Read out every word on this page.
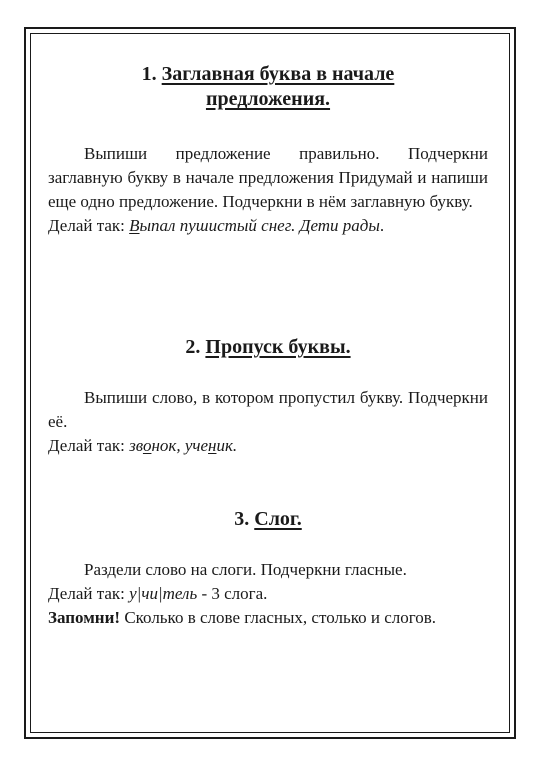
1. Заглавная буква в начале
предложения.

Выпиши предложение правильно. Подчеркни заглавную букву в начале предложения Придумай и напиши еще одно предложение. Подчеркни в нём заглавную букву.

Делай так: Выпал пушистый снег. Дети рады.

2. Пропуск буквы.

Выпиши слово, в котором пропустил букву. Подчеркни её.

Делай так: звонок, ученик.

3. Слог.

Раздели слово на слоги. Подчеркни гласные.

Делай так: у|чи|тель - 3 слога.

Запомни! Сколько в слове гласных, столько и слогов.
